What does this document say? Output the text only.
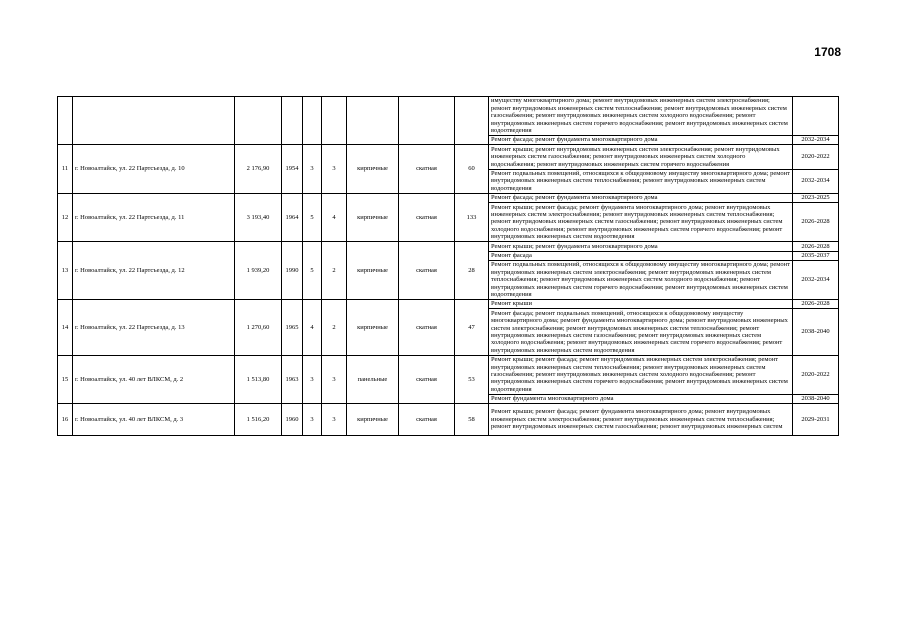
1708
									имуществу многоквартирного дома; ремонт внутридомовых инженерных систем электроснабжения; ремонт внутридомовых инженерных систем теплоснабжения; ремонт внутридомовых инженерных систем газоснабжения; ремонт внутридомовых инженерных систем холодного водоснабжения; ремонт внутридомовых инженерных систем горячего водоснабжения; ремонт внутридомовых инженерных систем водоотведения	
									Ремонт фасада; ремонт фундамента многоквартирного дома	2032-2034
11	г. Новоалтайск, ул. 22 Партсъезда, д. 10	2 176,90	1954	3	3	кирпичные	скатная	60	Ремонт крыши; ремонт внутридомовых инженерных систем электроснабжения; ремонт внутридомовых инженерных систем газоснабжения; ремонт внутридомовых инженерных систем холодного водоснабжения; ремонт внутридомовых инженерных систем горячего водоснабжения	2020-2022
									Ремонт подвальных помещений, относящихся к общедомовому имуществу многоквартирного дома; ремонт внутридомовых инженерных систем теплоснабжения; ремонт внутридомовых инженерных систем водоотведения	2032-2034
12	г. Новоалтайск, ул. 22 Партсъезда, д. 11	3 193,40	1964	5	4	кирпичные	скатная	133	Ремонт фасада; ремонт фундамента многоквартирного дома	2023-2025
									Ремонт крыши; ремонт фасада; ремонт фундамента многоквартирного дома; ремонт внутридомовых инженерных систем электроснабжения; ремонт внутридомовых инженерных систем теплоснабжения; ремонт внутридомовых инженерных систем газоснабжения; ремонт внутридомовых инженерных систем холодного водоснабжения; ремонт внутридомовых инженерных систем горячего водоснабжения; ремонт внутридомовых инженерных систем водоотведения	2026-2028
13	г. Новоалтайск, ул. 22 Партсъезда, д. 12	1 939,20	1990	5	2	кирпичные	скатная	28	Ремонт крыши; ремонт фундамента многоквартирного дома	2026-2028
									Ремонт фасада	2035-2037
									Ремонт подвальных помещений, относящихся к общедомовому имуществу многоквартирного дома; ремонт внутридомовых инженерных систем электроснабжения; ремонт внутридомовых инженерных систем теплоснабжения; ремонт внутридомовых инженерных систем холодного водоснабжения; ремонт внутридомовых инженерных систем горячего водоснабжения; ремонт внутридомовых инженерных систем водоотведения	2032-2034
14	г. Новоалтайск, ул. 22 Партсъезда, д. 13	1 270,60	1965	4	2	кирпичные	скатная	47	Ремонт крыши	2026-2028
									Ремонт фасада; ремонт подвальных помещений, относящихся к общедомовому имуществу многоквартирного дома; ремонт фундамента многоквартирного дома; ремонт внутридомовых инженерных систем электроснабжения; ремонт внутридомовых инженерных систем теплоснабжения; ремонт внутридомовых инженерных систем газоснабжения; ремонт внутридомовых инженерных систем холодного водоснабжения; ремонт внутридомовых инженерных систем горячего водоснабжения; ремонт внутридомовых инженерных систем водоотведения	2038-2040
15	г. Новоалтайск, ул. 40 лет ВЛКСМ, д. 2	1 513,80	1963	3	3	панельные	скатная	53	Ремонт крыши; ремонт фасада; ремонт внутридомовых инженерных систем электроснабжения; ремонт внутридомовых инженерных систем теплоснабжения; ремонт внутридомовых инженерных систем газоснабжения; ремонт внутридомовых инженерных систем холодного водоснабжения; ремонт внутридомовых инженерных систем горячего водоснабжения; ремонт внутридомовых инженерных систем водоотведения	2020-2022
									Ремонт фундамента многоквартирного дома	2038-2040
16	г. Новоалтайск, ул. 40 лет ВЛКСМ, д. 3	1 516,20	1960	3	3	кирпичные	скатная	58	Ремонт крыши; ремонт фасада; ремонт фундамента многоквартирного дома; ремонт внутридомовых инженерных систем электроснабжения; ремонт внутридомовых инженерных систем теплоснабжения; ремонт внутридомовых инженерных систем газоснабжения; ремонт внутридомовых инженерных систем	2029-2031
